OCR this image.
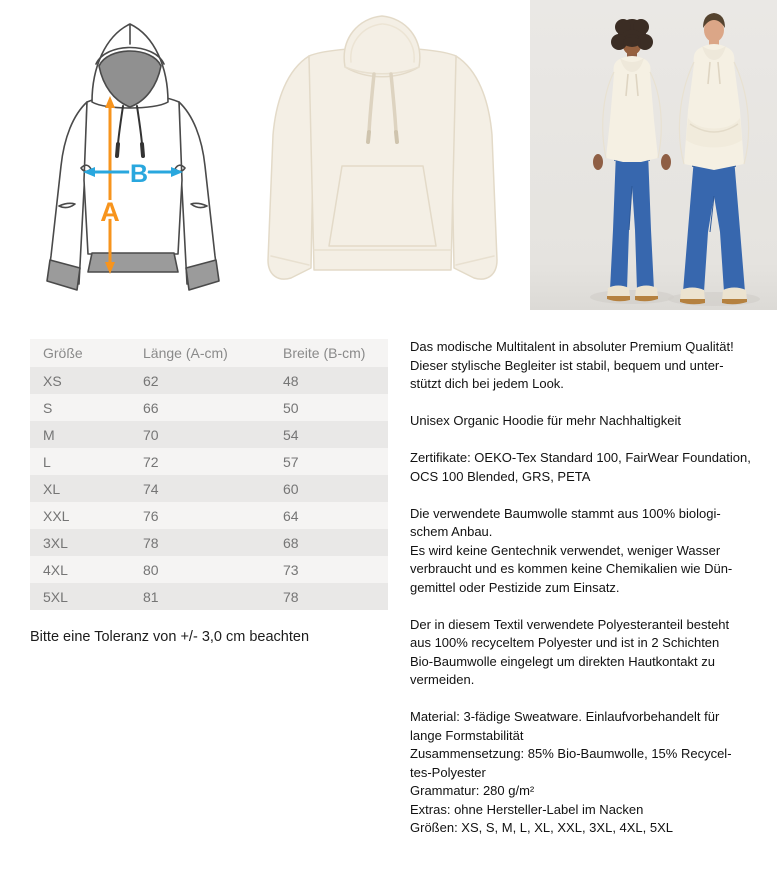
A
B
Größe	Länge (A-cm)	Breite (B-cm)
XS	62	48
S	66	50
M	70	54
L	72	57
XL	74	60
XXL	76	64
3XL	78	68
4XL	80	73
5XL	81	78
Bitte eine Toleranz von +/- 3,0 cm beachten
Das modische Multitalent in absoluter Premium Qualität!
Dieser stylische Begleiter ist stabil, bequem und unter-
stützt dich bei jedem Look.
Unisex Organic Hoodie für mehr Nachhaltigkeit
Zertifikate: OEKO-Tex Standard 100, FairWear Foundation,
OCS 100 Blended, GRS, PETA
Die verwendete Baumwolle stammt aus 100% biologi-
schem Anbau.
Es wird keine Gentechnik verwendet, weniger Wasser
verbraucht und es kommen keine Chemikalien wie Dün-
gemittel oder Pestizide zum Einsatz.
Der in diesem Textil verwendete Polyesteranteil besteht
aus 100% recyceltem Polyester und ist in 2 Schichten
Bio-Baumwolle eingelegt um direkten Hautkontakt zu
vermeiden.
Material: 3-fädige Sweatware. Einlaufvorbehandelt für
lange Formstabilität
Zusammensetzung: 85% Bio-Baumwolle, 15% Recycel-
tes-Polyester
Grammatur: 280 g/m²
Extras: ohne Hersteller-Label im Nacken
Größen: XS, S, M, L, XL, XXL, 3XL, 4XL, 5XL
